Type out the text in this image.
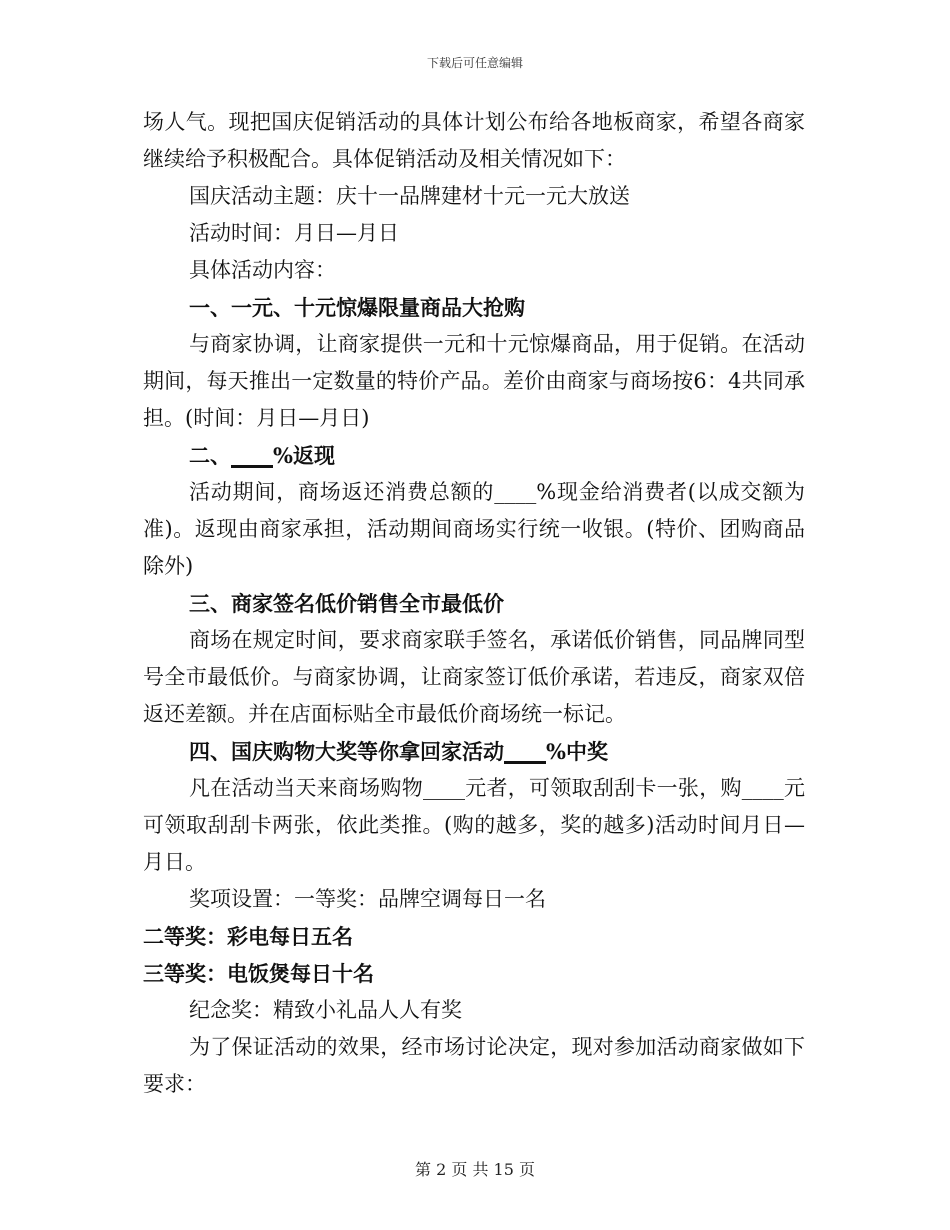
下载后可任意编辑

场人气。现把国庆促销活动的具体计划公布给各地板商家，希望各商家继续给予积极配合。具体促销活动及相关情况如下：

国庆活动主题：庆十一品牌建材十元一元大放送

活动时间：月日—月日

具体活动内容：

一、一元、十元惊爆限量商品大抢购

与商家协调，让商家提供一元和十元惊爆商品，用于促销。在活动期间，每天推出一定数量的特价产品。差价由商家与商场按6：4共同承担。(时间：月日—月日)

二、____%返现

活动期间，商场返还消费总额的____%现金给消费者(以成交额为准)。返现由商家承担，活动期间商场实行统一收银。(特价、团购商品除外)

三、商家签名低价销售全市最低价

商场在规定时间，要求商家联手签名，承诺低价销售，同品牌同型号全市最低价。与商家协调，让商家签订低价承诺，若违反，商家双倍返还差额。并在店面标贴全市最低价商场统一标记。

四、国庆购物大奖等你拿回家活动____%中奖

凡在活动当天来商场购物____元者，可领取刮刮卡一张，购____元可领取刮刮卡两张，依此类推。(购的越多，奖的越多)活动时间月日—月日。

奖项设置：一等奖：品牌空调每日一名

二等奖：彩电每日五名

三等奖：电饭煲每日十名

纪念奖：精致小礼品人人有奖

为了保证活动的效果，经市场讨论决定，现对参加活动商家做如下要求：

第 2 页 共 15 页
